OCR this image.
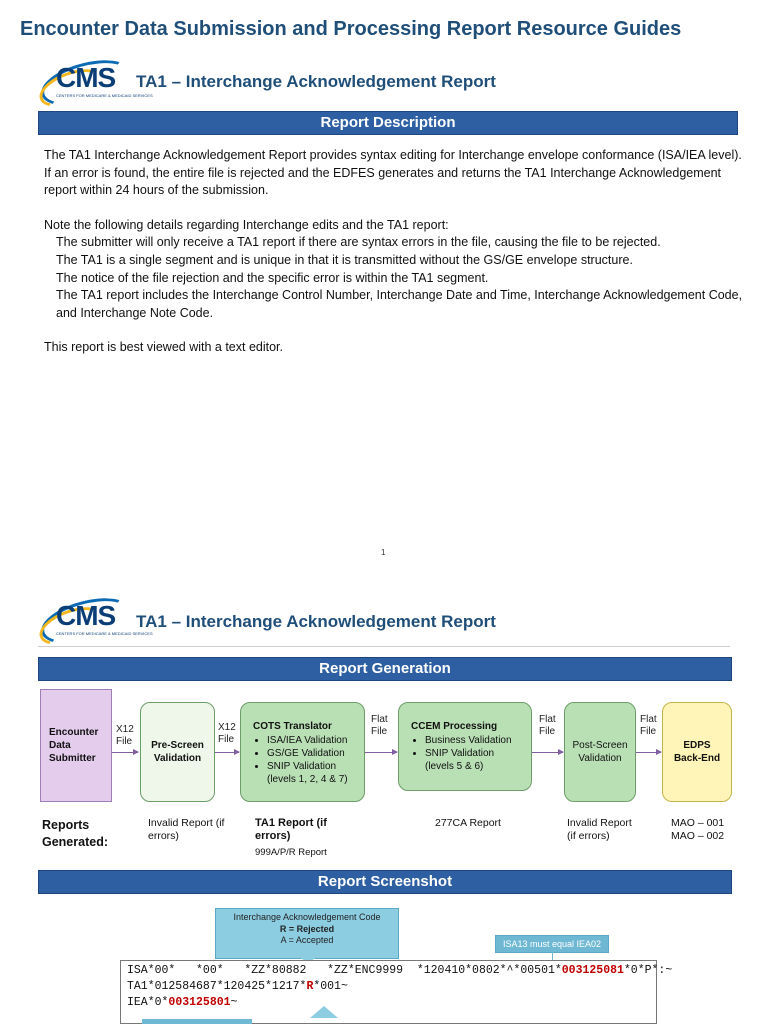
Encounter Data Submission and Processing Report Resource Guides
CMS
CENTERS FOR MEDICARE & MEDICAID SERVICES
TA1 – Interchange Acknowledgement Report
Report Description

The TA1 Interchange Acknowledgement Report provides syntax editing for Interchange envelope conformance (ISA/IEA level). If an error is found, the entire file is rejected and the EDFES generates and returns the TA1 Interchange Acknowledgement report within 24 hours of the submission.

Note the following details regarding Interchange edits and the TA1 report:

The submitter will only receive a TA1 report if there are syntax errors in the file, causing the file to be rejected.

The TA1 is a single segment and is unique in that it is transmitted without the GS/GE envelope structure.

The notice of the file rejection and the specific error is within the TA1 segment.

The TA1 report includes the Interchange Control Number, Interchange Date and Time, Interchange Acknowledgement Code, and Interchange Note Code.

This report is best viewed with a text editor.

1
CMS
CENTERS FOR MEDICARE & MEDICAID SERVICES
TA1 – Interchange Acknowledgement Report
Report Generation
Encounter Data Submitter
X12 File	Pre-Screen Validation
X12 File
COTS Translator
• ISA/IEA Validation
• GS/GE Validation
• SNIP Validation
(levels 1, 2, 4 & 7)
Flat File	CCEM Processing
• Business Validation
• SNIP Validation
(levels 5 & 6)
Flat File
Post-Screen Validation
Flat File
EDPS Back-End
Reports Generated:
Invalid Report (if errors)
TA1 Report (if errors)
999A/P/R Report
277CA Report	Invalid Report (if errors)
MAO – 001
MAO – 002
Report Screenshot
Interchange Acknowledgement Code
R = Rejected
A = Accepted	ISA13 must equal IEA02
ISA*00*   *00*   *ZZ*80882   *ZZ*ENC9999  *120410*0802*^*00501*003125081*0*P*:~
TA1*012584687*120425*1217*R*001~
IEA*0*003125801~
